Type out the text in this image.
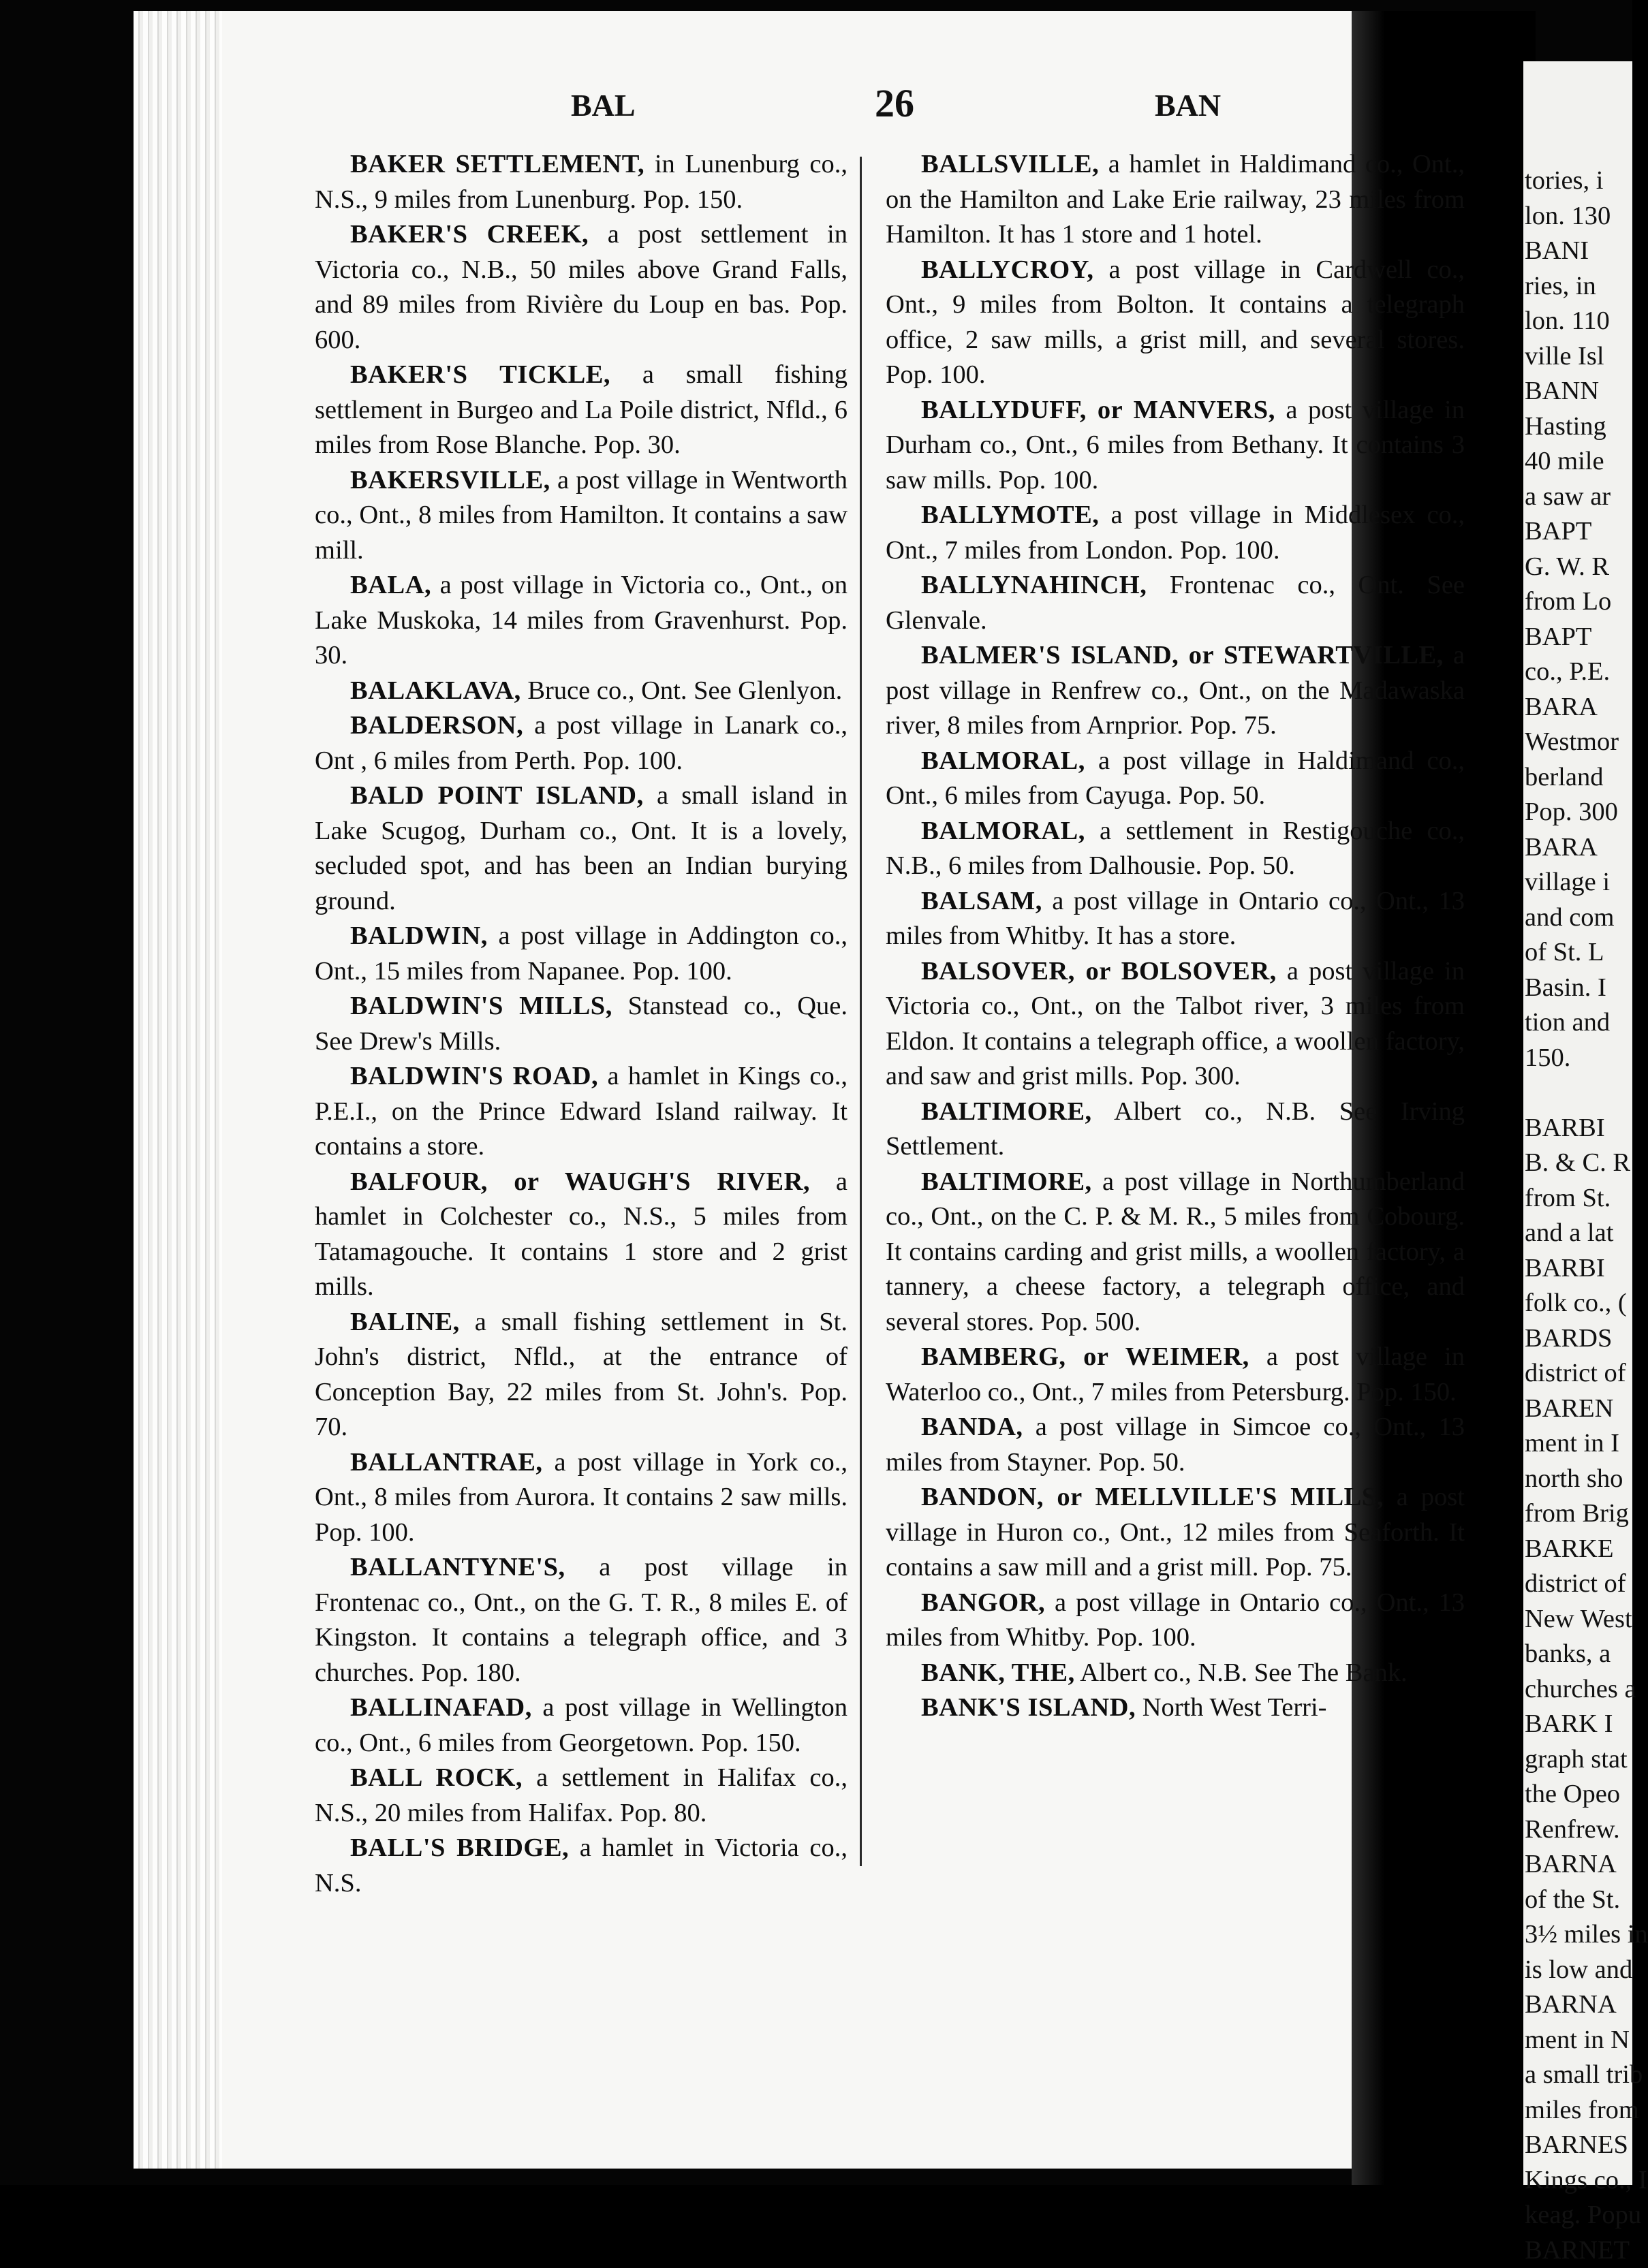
tories, i
lon. 130
BANI
ries, in
lon. 110
ville Isl
BANN
Hasting
40 mile
a saw ar
BAPT
G. W. R
from Lo
BAPT
co., P.E.
BARA
Westmor
berland
Pop. 300
BARA
village i
and com
of St. L
Basin. I
tion and
150.
BARBI
B. & C. R
from St.
and a lat
BARBI
folk co., (
BARDS
district of
BAREN
ment in I
north sho
from Brig
BARKE
district of
New West
banks, a
churches a
BARK I
graph stat
the Opeo
Renfrew.
BARNA
of the St.
3½ miles in
is low and
BARNA
ment in N
a small trib
miles from
BARNES
Kings co., I
keag. Popu
BARNET
BAL	26	BAN

BAKER SETTLEMENT, in Lunenburg co., N.S., 9 miles from Lunenburg. Pop. 150.

BAKER'S CREEK, a post settlement in Victoria co., N.B., 50 miles above Grand Falls, and 89 miles from Rivière du Loup en bas. Pop. 600.

BAKER'S TICKLE, a small fishing settlement in Burgeo and La Poile district, Nfld., 6 miles from Rose Blanche. Pop. 30.

BAKERSVILLE, a post village in Wentworth co., Ont., 8 miles from Hamilton. It contains a saw mill.

BALA, a post village in Victoria co., Ont., on Lake Muskoka, 14 miles from Gravenhurst. Pop. 30.

BALAKLAVA, Bruce co., Ont. See Glenlyon.

BALDERSON, a post village in Lanark co., Ont , 6 miles from Perth. Pop. 100.

BALD POINT ISLAND, a small island in Lake Scugog, Durham co., Ont. It is a lovely, secluded spot, and has been an Indian burying ground.

BALDWIN, a post village in Addington co., Ont., 15 miles from Napanee. Pop. 100.

BALDWIN'S MILLS, Stanstead co., Que. See Drew's Mills.

BALDWIN'S ROAD, a hamlet in Kings co., P.E.I., on the Prince Edward Island railway. It contains a store.

BALFOUR, or WAUGH'S RIVER, a hamlet in Colchester co., N.S., 5 miles from Tatamagouche. It contains 1 store and 2 grist mills.

BALINE, a small fishing settlement in St. John's district, Nfld., at the entrance of Conception Bay, 22 miles from St. John's. Pop. 70.

BALLANTRAE, a post village in York co., Ont., 8 miles from Aurora. It contains 2 saw mills. Pop. 100.

BALLANTYNE'S, a post village in Frontenac co., Ont., on the G. T. R., 8 miles E. of Kingston. It contains a telegraph office, and 3 churches. Pop. 180.

BALLINAFAD, a post village in Wellington co., Ont., 6 miles from Georgetown. Pop. 150.

BALL ROCK, a settlement in Halifax co., N.S., 20 miles from Halifax. Pop. 80.

BALL'S BRIDGE, a hamlet in Victoria co., N.S.

BALLSVILLE, a hamlet in Haldimand co., Ont., on the Hamilton and Lake Erie railway, 23 miles from Hamilton. It has 1 store and 1 hotel.

BALLYCROY, a post village in Cardwell co., Ont., 9 miles from Bolton. It contains a telegraph office, 2 saw mills, a grist mill, and several stores. Pop. 100.

BALLYDUFF, or MANVERS, a post village in Durham co., Ont., 6 miles from Bethany. It contains 3 saw mills. Pop. 100.

BALLYMOTE, a post village in Middlesex co., Ont., 7 miles from London. Pop. 100.

BALLYNAHINCH, Frontenac co., Ont. See Glenvale.

BALMER'S ISLAND, or STEWARTVILLE, a post village in Renfrew co., Ont., on the Madawaska river, 8 miles from Arnprior. Pop. 75.

BALMORAL, a post village in Haldimand co., Ont., 6 miles from Cayuga. Pop. 50.

BALMORAL, a settlement in Restigouche co., N.B., 6 miles from Dalhousie. Pop. 50.

BALSAM, a post village in Ontario co., Ont., 13 miles from Whitby. It has a store.

BALSOVER, or BOLSOVER, a post village in Victoria co., Ont., on the Talbot river, 3 miles from Eldon. It contains a telegraph office, a woollen factory, and saw and grist mills. Pop. 300.

BALTIMORE, Albert co., N.B. See Irving Settlement.

BALTIMORE, a post village in Northumberland co., Ont., on the C. P. & M. R., 5 miles from Cobourg. It contains carding and grist mills, a woollen factory, a tannery, a cheese factory, a telegraph office, and several stores. Pop. 500.

BAMBERG, or WEIMER, a post village in Waterloo co., Ont., 7 miles from Petersburg. Pop. 150.

BANDA, a post village in Simcoe co., Ont., 13 miles from Stayner. Pop. 50.

BANDON, or MELLVILLE'S MILLS, a post village in Huron co., Ont., 12 miles from Seaforth. It contains a saw mill and a grist mill. Pop. 75.

BANGOR, a post village in Ontario co., Ont., 13 miles from Whitby. Pop. 100.

BANK, THE, Albert co., N.B. See The Bank.

BANK'S ISLAND, North West Terri-
